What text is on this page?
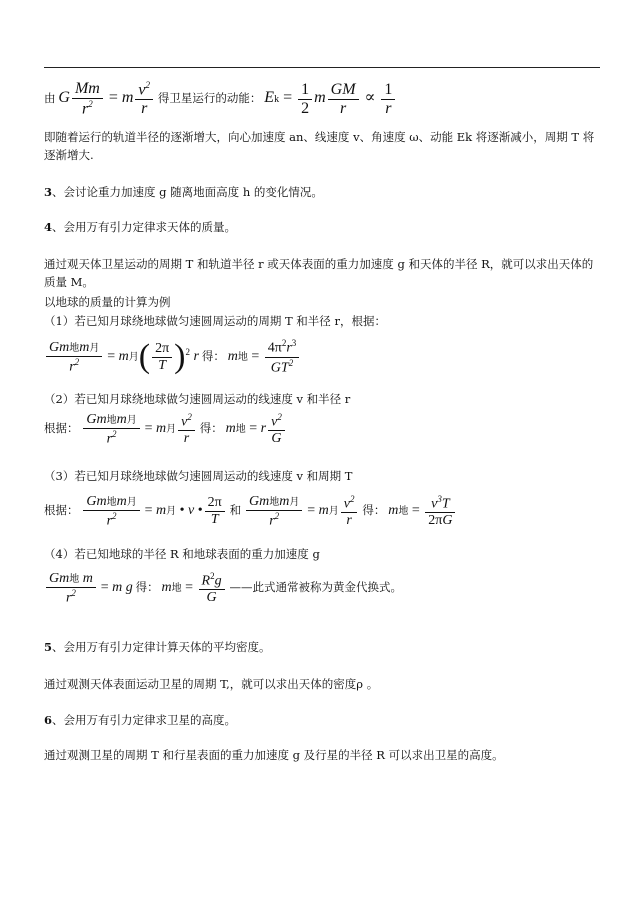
由 G $\frac{Mm}{r^2} = m \frac{v^2}{r}$ 得卫星运行的动能： $Ek = \frac{1}{2}$ m $\frac{GM}{r} \propto \frac{1}{r}$
即随着运行的轨道半径的逐渐增大，向心加速度 an、线速度 v、角速度 ω、动能 Ek 将逐渐减小，周期 T 将逐渐增大.
3、会讨论重力加速度 g 随离地面高度 h 的变化情况。
4、会用万有引力定律求天体的质量。
通过观天体卫星运动的周期 T 和轨道半径 r 或天体表面的重力加速度 g 和天体的半径 R，就可以求出天体的质量 M。
以地球的质量的计算为例
（1）若已知月球绕地球做匀速圆周运动的周期 T 和半径 r，根据：
$\frac{\text{Gm地m月}}{r^2} = m$月( $\frac{2\pi}{T} )^2$ r 得： m地 = $\frac{4\pi^2r^3}{GT^2}$
（2）若已知月球绕地球做匀速圆周运动的线速度 v 和半径 r
根据： $\frac{\text{Gm地m月}}{r^2} = m$月 $\frac{v^2}{r}$ 得： m地 = r $\frac{v^2}{G}$
（3）若已知月球绕地球做匀速圆周运动的线速度 v 和周期 T
根据： $\frac{\text{Gm地m月}}{r^2} = m$月 • v • $\frac{2\pi}{T}$ 和 $\frac{\text{Gm地m月}}{r^2} = m$月 $\frac{v^2}{r}$ 得： m地 = $\frac{v^3T}{2\pi G}$
（4）若已知地球的半径 R 和地球表面的重力加速度 g
$\frac{\text{Gm地 m}}{r^2} = m$ g 得： m地 = $\frac{R^2g}{G}$ ——此式通常被称为黄金代换式。
5、会用万有引力定律计算天体的平均密度。
通过观测天体表面运动卫星的周期 T,，就可以求出天体的密度ρ 。
6、会用万有引力定律求卫星的高度。
通过观测卫星的周期 T 和行星表面的重力加速度 g 及行星的半径 R 可以求出卫星的高度。
